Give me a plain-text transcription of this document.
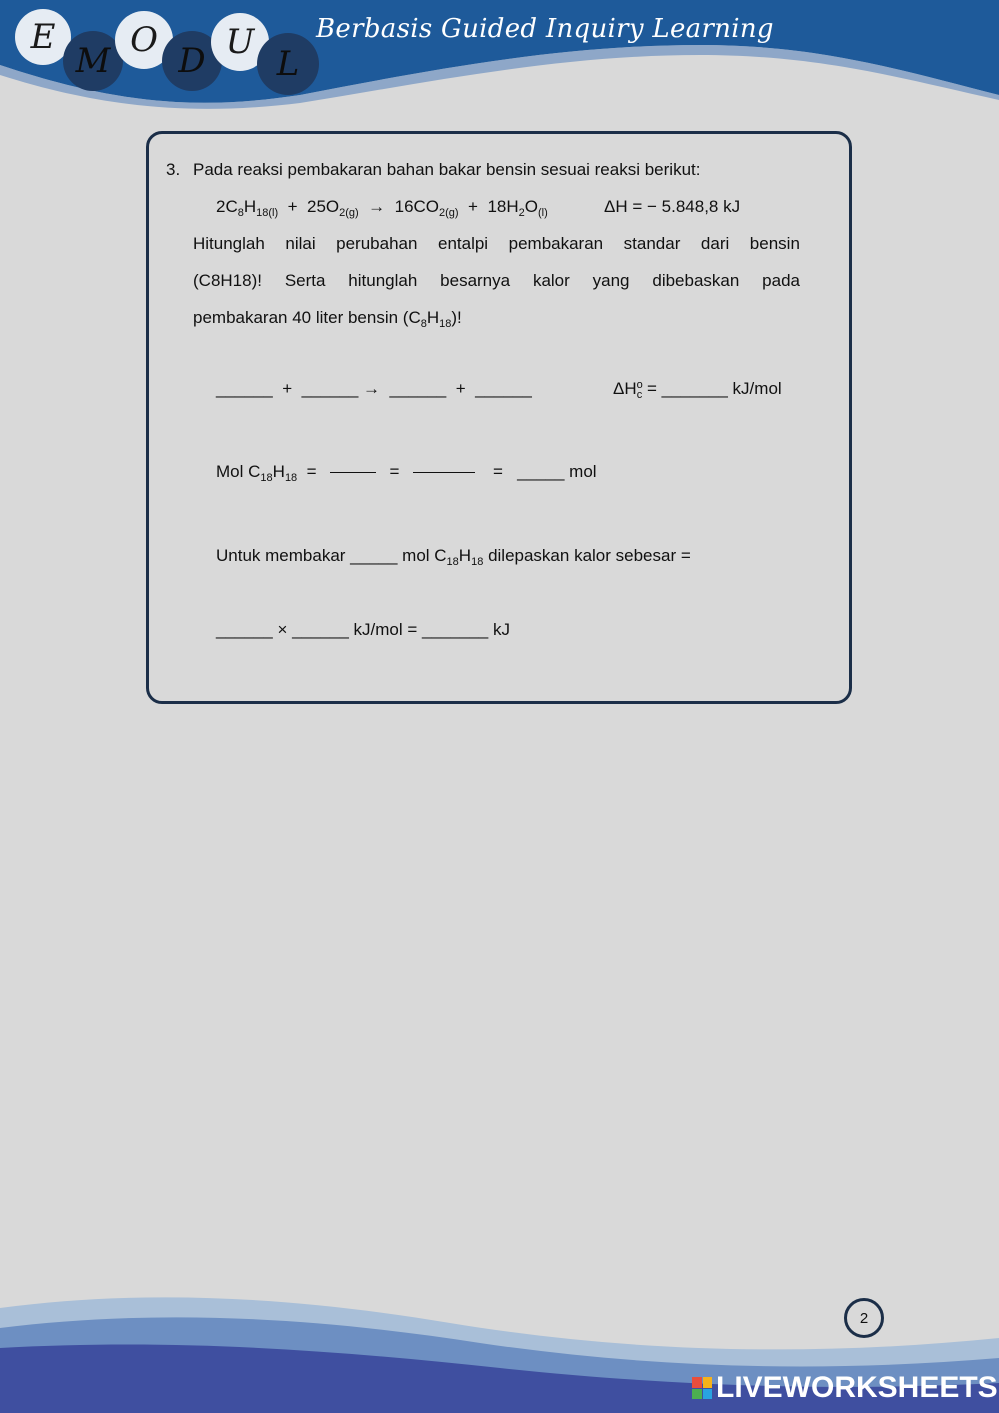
E
M
O
D U
L
Berbasis Guided Inquiry Learning
3. Pada reaksi pembakaran bahan bakar bensin sesuai reaksi berikut:
$2C_8H_{18(l)} + 25O_{2(g)} \to 16CO_{2(g)} + 18H_2O_{(l)}$	ΔH = − 5.848,8 kJ
Hitunglah nilai perubahan entalpi pembakaran standar dari bensin
(C8H18)! Serta hitunglah besarnya kalor yang dibebaskan pada
pembakaran 40 liter bensin $(C_8H_{18})$!
______ + ______ → ______ + ______	$\Delta H^o_c$ = _______ kJ/mol
Mol $C_{18}H_{18}$ =	=	= _____ mol
Untuk membakar _____ mol $C_{18}H_{18}$ dilepaskan kalor sebesar =
______ × ______ kJ/mol = _______ kJ
2
LIVEWORKSHEETS
